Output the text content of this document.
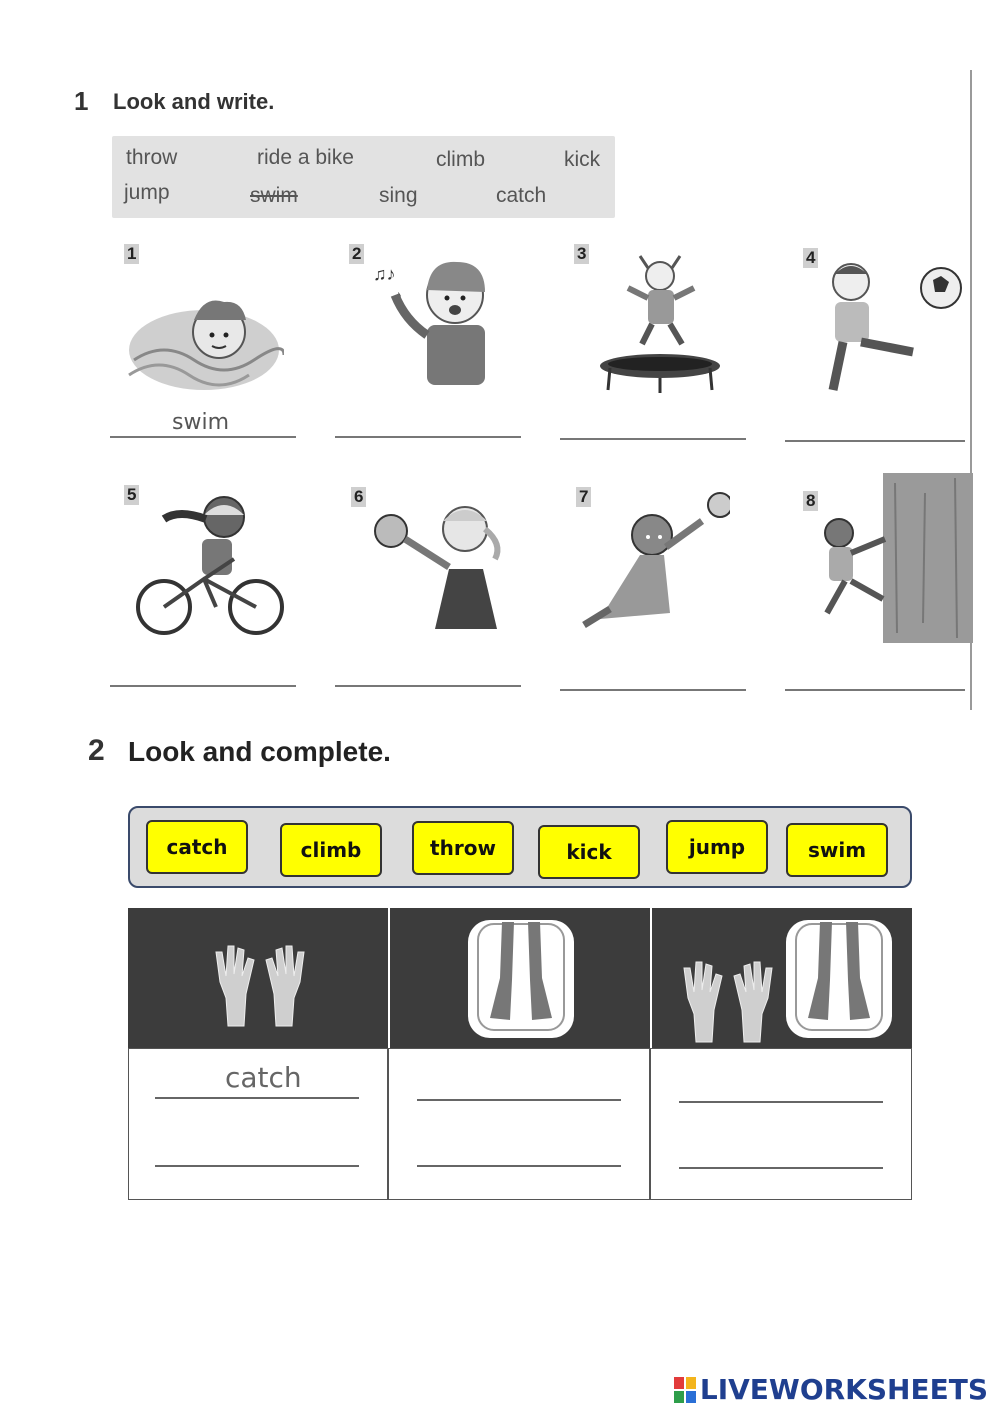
1 Look and write.
throw	ride a bike	climb	kick
jump	swim	sing	catch
1
swim
2
♫♪
♪
3	4
5	6	7	8
2 Look and complete.
catch	climb	throw	kick	jump	swim
catch
LIVEWORKSHEETS
